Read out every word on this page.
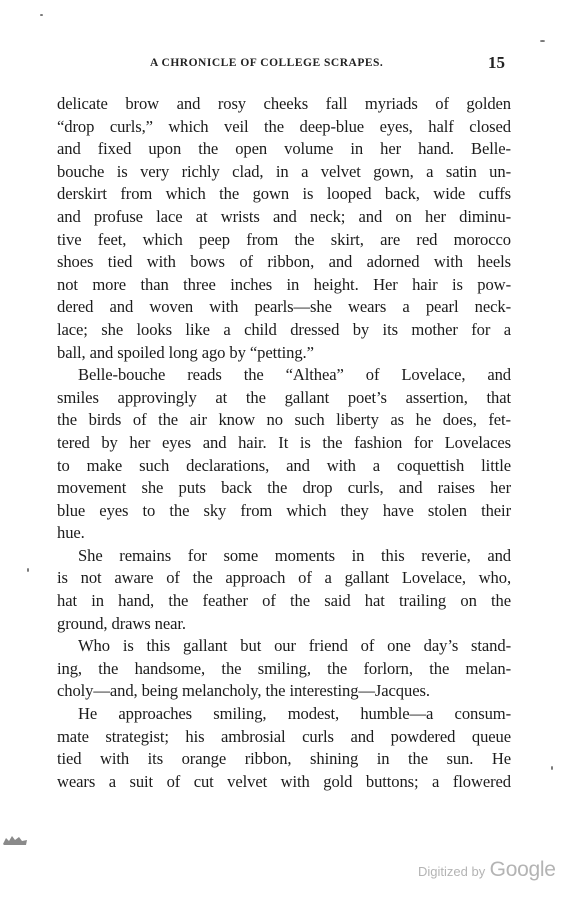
A CHRONICLE OF COLLEGE SCRAPES.	15
delicate brow and rosy cheeks fall myriads of golden
“drop curls,” which veil the deep-blue eyes, half closed
and fixed upon the open volume in her hand. Belle-
bouche is very richly clad, in a velvet gown, a satin un-
derskirt from which the gown is looped back, wide cuffs
and profuse lace at wrists and neck; and on her diminu-
tive feet, which peep from the skirt, are red morocco
shoes tied with bows of ribbon, and adorned with heels
not more than three inches in height. Her hair is pow-
dered and woven with pearls—she wears a pearl neck-
lace; she looks like a child dressed by its mother for a
ball, and spoiled long ago by “petting.”
Belle-bouche reads the “Althea” of Lovelace, and
smiles approvingly at the gallant poet’s assertion, that
the birds of the air know no such liberty as he does, fet-
tered by her eyes and hair. It is the fashion for Lovelaces
to make such declarations, and with a coquettish little
movement she puts back the drop curls, and raises her
blue eyes to the sky from which they have stolen their
hue.
She remains for some moments in this reverie, and
is not aware of the approach of a gallant Lovelace, who,
hat in hand, the feather of the said hat trailing on the
ground, draws near.
Who is this gallant but our friend of one day’s stand-
ing, the handsome, the smiling, the forlorn, the melan-
choly—and, being melancholy, the interesting—Jacques.
He approaches smiling, modest, humble—a consum-
mate strategist; his ambrosial curls and powdered queue
tied with its orange ribbon, shining in the sun. He
wears a suit of cut velvet with gold buttons; a flowered
Digitized by Google
